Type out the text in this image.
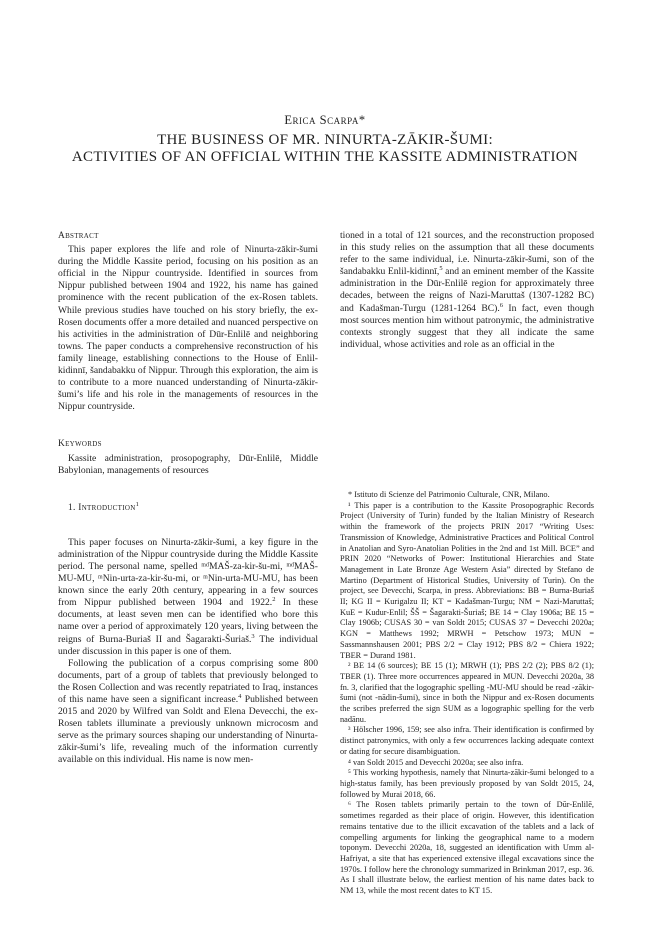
Erica Scarpa*
THE BUSINESS OF MR. NINURTA-ZĀKIR-ŠUMI:
ACTIVITIES OF AN OFFICIAL WITHIN THE KASSITE ADMINISTRATION
Abstract

This paper explores the life and role of Ninurta-zākir-šumi during the Middle Kassite period, focusing on his position as an official in the Nippur countryside. Identified in sources from Nippur published between 1904 and 1922, his name has gained prominence with the recent publication of the ex-Rosen tablets. While previous studies have touched on his story briefly, the ex-Rosen documents offer a more detailed and nuanced perspective on his activities in the administration of Dūr-Enlilē and neighboring towns. The paper conducts a comprehensive reconstruction of his family lineage, establishing connections to the House of Enlil-kidinnī, šandabakku of Nippur. Through this exploration, the aim is to contribute to a more nuanced understanding of Ninurta-zākir-šumi’s life and his role in the managements of resources in the Nippur countryside.

Keywords

Kassite administration, prosopography, Dūr-Enlilē, Middle Babylonian, managements of resources

1. Introduction$^1$

This paper focuses on Ninurta-zākir-šumi, a key figure in the administration of the Nippur countryside during the Middle Kassite period. The personal name, spelled ᵐᵈMAŠ-za-kir-šu-mi, ᵐᵈMAŠ-MU-MU, ᵐNin-urta-za-kir-šu-mi, or ᵐNin-urta-MU-MU, has been known since the early 20th century, appearing in a few sources from Nippur published between 1904 and 1922.$^2$ In these documents, at least seven men can be identified who bore this name over a period of approximately 120 years, living between the reigns of Burna-Buriaš II and Šagarakti-Šuriaš.$^3$ The individual under discussion in this paper is one of them.

Following the publication of a corpus comprising some 800 documents, part of a group of tablets that previously belonged to the Rosen Collection and was recently repatriated to Iraq, instances of this name have seen a significant increase.$^4$ Published between 2015 and 2020 by Wilfred van Soldt and Elena Devecchi, the ex-Rosen tablets illuminate a previously unknown microcosm and serve as the primary sources shaping our understanding of Ninurta-zākir-šumi’s life, revealing much of the information currently available on this individual. His name is now men-

tioned in a total of 121 sources, and the reconstruction proposed in this study relies on the assumption that all these documents refer to the same individual, i.e. Ninurta-zākir-šumi, son of the šandabakku Enlil-kidinnī,$^5$ and an eminent member of the Kassite administration in the Dūr-Enlilē region for approximately three decades, between the reigns of Nazi-Maruttaš (1307-1282 BC) and Kadašman-Turgu (1281-1264 BC).$^6$ In fact, even though most sources mention him without patronymic, the administrative contexts strongly suggest that they all indicate the same individual, whose activities and role as an official in the

* Istituto di Scienze del Patrimonio Culturale, CNR, Milano.

¹ This paper is a contribution to the Kassite Prosopographic Records Project (University of Turin) funded by the Italian Ministry of Research within the framework of the projects PRIN 2017 “Writing Uses: Transmission of Knowledge, Administrative Practices and Political Control in Anatolian and Syro-Anatolian Polities in the 2nd and 1st Mill. BCE” and PRIN 2020 “Networks of Power: Institutional Hierarchies and State Management in Late Bronze Age Western Asia” directed by Stefano de Martino (Department of Historical Studies, University of Turin). On the project, see Devecchi, Scarpa, in press. Abbreviations: BB = Burna-Buriaš II; KG II = Kurigalzu II; KT = Kadašman-Turgu; NM = Nazi-Maruttaš; KuE = Kudur-Enlil; ŠŠ = Šagarakti-Šuriaš; BE 14 = Clay 1906a; BE 15 = Clay 1906b; CUSAS 30 = van Soldt 2015; CUSAS 37 = Devecchi 2020a; KGN = Matthews 1992; MRWH = Petschow 1973; MUN = Sassmannshausen 2001; PBS 2/2 = Clay 1912; PBS 8/2 = Chiera 1922; TBER = Durand 1981.

² BE 14 (6 sources); BE 15 (1); MRWH (1); PBS 2/2 (2); PBS 8/2 (1); TBER (1). Three more occurrences appeared in MUN. Devecchi 2020a, 38 fn. 3, clarified that the logographic spelling -MU-MU should be read -zākir-šumi (not -nādin-šumi), since in both the Nippur and ex-Rosen documents the scribes preferred the sign SUM as a logographic spelling for the verb nadānu.

³ Hölscher 1996, 159; see also infra. Their identification is confirmed by distinct patronymics, with only a few occurrences lacking adequate context or dating for secure disambiguation.

⁴ van Soldt 2015 and Devecchi 2020a; see also infra.

⁵ This working hypothesis, namely that Ninurta-zākir-šumi belonged to a high-status family, has been previously proposed by van Soldt 2015, 24, followed by Murai 2018, 66.

⁶ The Rosen tablets primarily pertain to the town of Dūr-Enlilē, sometimes regarded as their place of origin. However, this identification remains tentative due to the illicit excavation of the tablets and a lack of compelling arguments for linking the geographical name to a modern toponym. Devecchi 2020a, 18, suggested an identification with Umm al-Hafriyat, a site that has experienced extensive illegal excavations since the 1970s. I follow here the chronology summarized in Brinkman 2017, esp. 36. As I shall illustrate below, the earliest mention of his name dates back to NM 13, while the most recent dates to KT 15.
